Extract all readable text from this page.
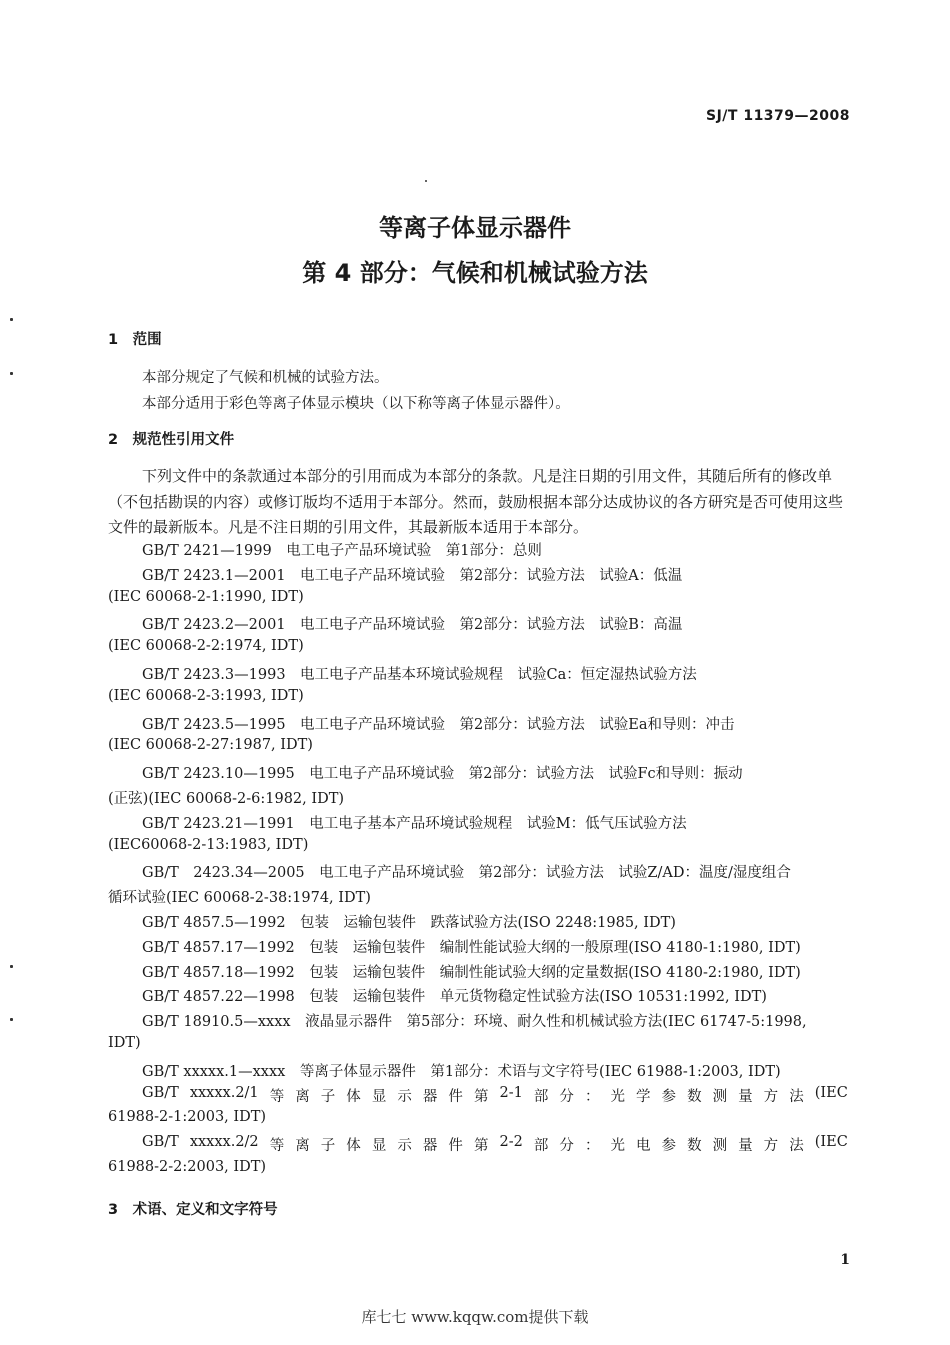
SJ/T 11379—2008
等离子体显示器件
第 4 部分：气候和机械试验方法
1　范围
本部分规定了气候和机械的试验方法。
本部分适用于彩色等离子体显示模块（以下称等离子体显示器件）。
2　规范性引用文件
下列文件中的条款通过本部分的引用而成为本部分的条款。凡是注日期的引用文件，其随后所有的修改单（不包括勘误的内容）或修订版均不适用于本部分。然而，鼓励根据本部分达成协议的各方研究是否可使用这些文件的最新版本。凡是不注日期的引用文件，其最新版本适用于本部分。
GB/T 2421—1999　电工电子产品环境试验　第1部分：总则
GB/T 2423.1—2001　电工电子产品环境试验　第2部分：试验方法　试验A：低温
(IEC 60068-2-1:1990, IDT)
GB/T 2423.2—2001　电工电子产品环境试验　第2部分：试验方法　试验B：高温
(IEC 60068-2-2:1974, IDT)
GB/T 2423.3—1993　电工电子产品基本环境试验规程　试验Ca：恒定湿热试验方法
(IEC 60068-2-3:1993, IDT)
GB/T 2423.5—1995　电工电子产品环境试验　第2部分：试验方法　试验Ea和导则：冲击
(IEC 60068-2-27:1987, IDT)
GB/T 2423.10—1995　电工电子产品环境试验　第2部分：试验方法　试验Fc和导则：振动
(正弦)(IEC 60068-2-6:1982, IDT)
GB/T 2423.21—1991　电工电子基本产品环境试验规程　试验M：低气压试验方法
(IEC60068-2-13:1983, IDT)
GB/T　2423.34—2005　电工电子产品环境试验　第2部分：试验方法　试验Z/AD：温度/湿度组合
循环试验(IEC 60068-2-38:1974, IDT)
GB/T 4857.5—1992　包装　运输包装件　跌落试验方法(ISO 2248:1985, IDT)
GB/T 4857.17—1992　包装　运输包装件　编制性能试验大纲的一般原理(ISO 4180-1:1980, IDT)
GB/T 4857.18—1992　包装　运输包装件　编制性能试验大纲的定量数据(ISO 4180-2:1980, IDT)
GB/T 4857.22—1998　包装　运输包装件　单元货物稳定性试验方法(ISO 10531:1992, IDT)
GB/T 18910.5—xxxx　液晶显示器件　第5部分：环境、耐久性和机械试验方法(IEC 61747-5:1998,
IDT)
GB/T xxxxx.1—xxxx　等离子体显示器件　第1部分：术语与文字符号(IEC 61988-1:2003, IDT)
GB/T xxxxx.2/1 等 离 子 体 显 示 器 件 第 2-1 部 分 ： 光 学 参 数 测 量 方 法 (IEC
61988-2-1:2003, IDT)
GB/T xxxxx.2/2 等 离 子 体 显 示 器 件 第 2-2 部 分 ： 光 电 参 数 测 量 方 法 (IEC
61988-2-2:2003, IDT)
3　术语、定义和文字符号
1
库七七 www.kqqw.com提供下载
